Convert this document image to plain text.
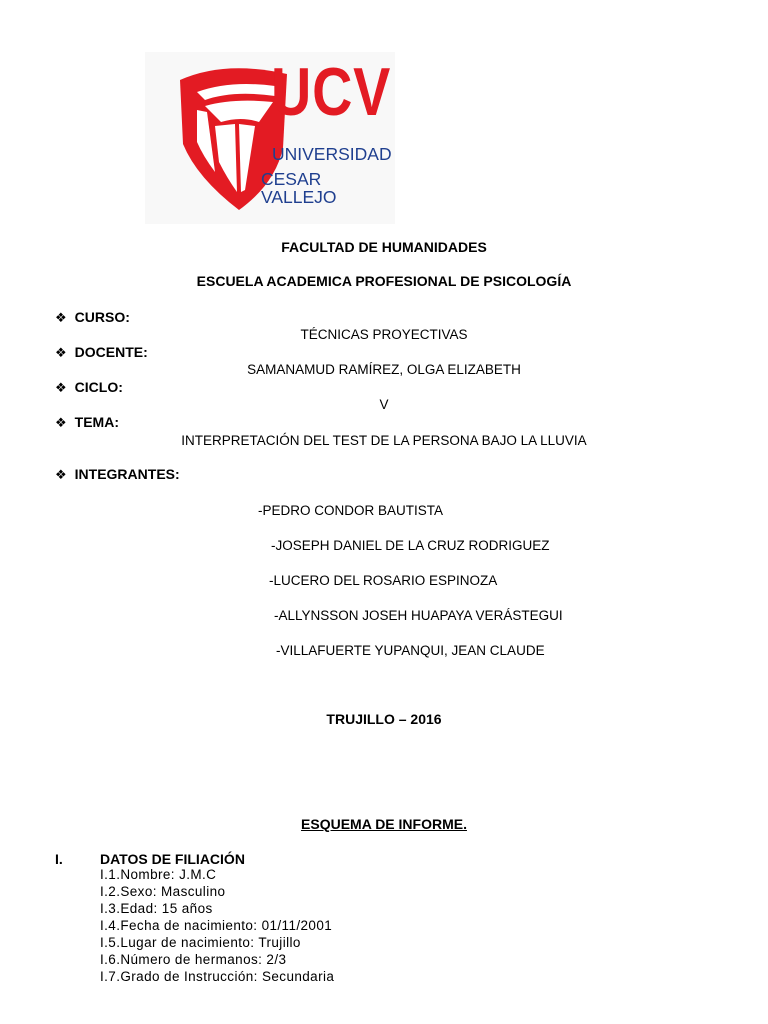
UCV
UNIVERSIDAD
CESAR VALLEJO
FACULTAD DE HUMANIDADES
ESCUELA ACADEMICA PROFESIONAL DE PSICOLOGÍA
❖ CURSO:
TÉCNICAS PROYECTIVAS
❖ DOCENTE:
SAMANAMUD RAMÍREZ, OLGA ELIZABETH
❖ CICLO:
V
❖ TEMA:
INTERPRETACIÓN DEL TEST DE LA PERSONA BAJO LA LLUVIA
❖ INTEGRANTES:
-PEDRO CONDOR BAUTISTA
-JOSEPH DANIEL DE LA CRUZ RODRIGUEZ
-LUCERO DEL ROSARIO ESPINOZA
-ALLYNSSON JOSEH HUAPAYA VERÁSTEGUI
-VILLAFUERTE YUPANQUI, JEAN CLAUDE
TRUJILLO – 2016
ESQUEMA DE INFORME.
I.	DATOS DE FILIACIÓN
I.1.Nombre: J.M.C
I.2.Sexo: Masculino
I.3.Edad: 15 años
I.4.Fecha de nacimiento: 01/11/2001
I.5.Lugar de nacimiento: Trujillo
I.6.Número de hermanos: 2/3
I.7.Grado de Instrucción: Secundaria
